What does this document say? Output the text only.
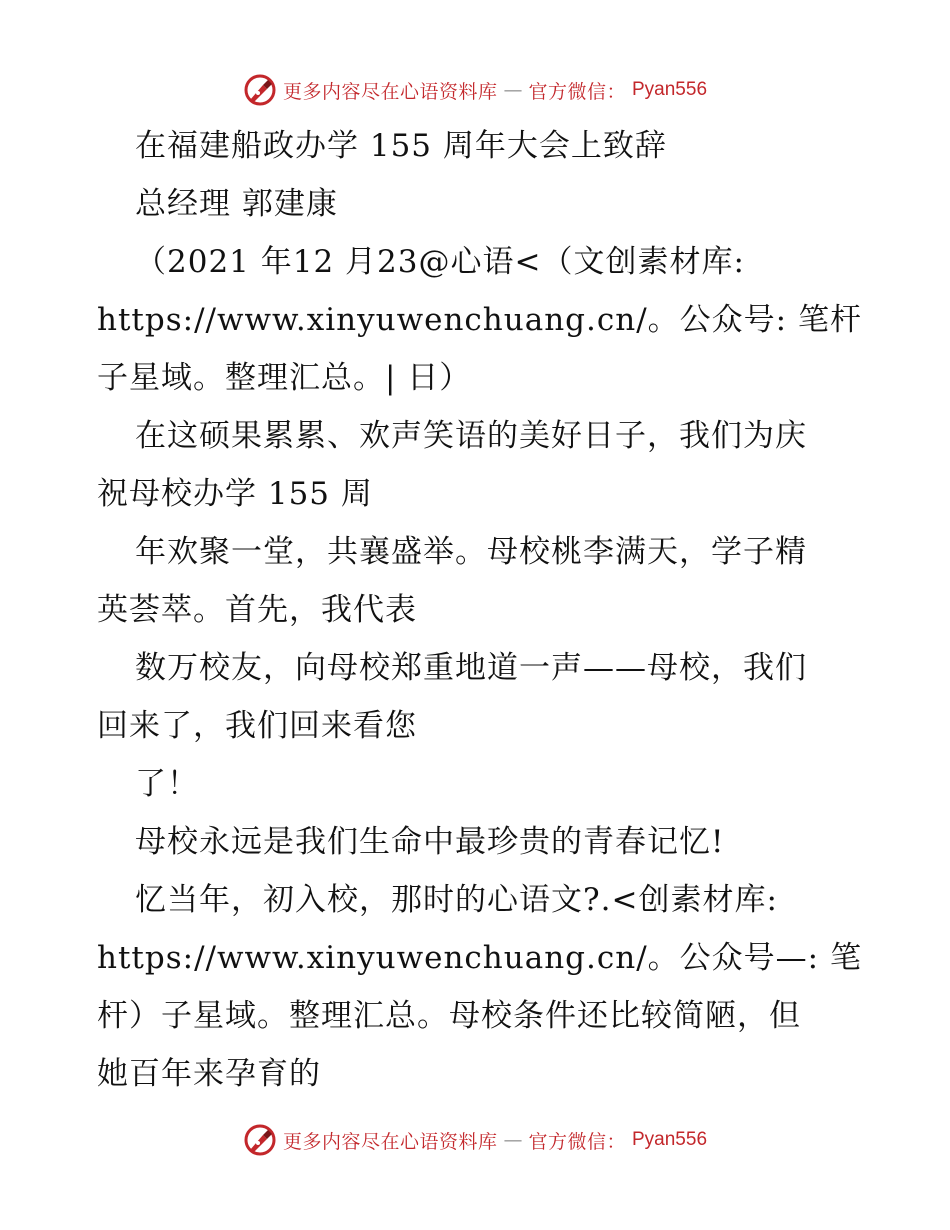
更多内容尽在心语资料库 — 官方微信： Pyan556
在福建船政办学 155 周年大会上致辞
总经理 郭建康
（2021 年12 月23@心语<（文创素材库:
https://www.xinyuwenchuang.cn/。公众号: 笔杆
子星域。整理汇总。| 日）
在这硕果累累、欢声笑语的美好日子，我们为庆
祝母校办学 155 周
年欢聚一堂，共襄盛举。母校桃李满天，学子精
英荟萃。首先，我代表
数万校友，向母校郑重地道一声——母校，我们
回来了，我们回来看您
了！
母校永远是我们生命中最珍贵的青春记忆!
忆当年，初入校，那时的心语文?.<创素材库:
https://www.xinyuwenchuang.cn/。公众号—: 笔
杆）子星域。整理汇总。母校条件还比较简陋，但
她百年来孕育的
更多内容尽在心语资料库 — 官方微信： Pyan556
